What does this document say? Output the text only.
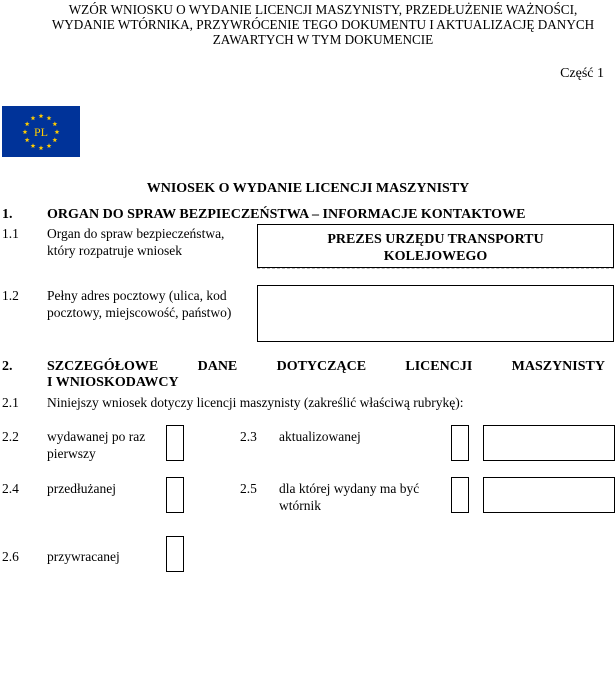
WZÓR WNIOSKU O WYDANIE LICENCJI MASZYNISTY, PRZEDŁUŻENIE WAŻNOŚCI,
WYDANIE WTÓRNIKA, PRZYWRÓCENIE TEGO DOKUMENTU I AKTUALIZACJĘ DANYCH
ZAWARTYCH W TYM DOKUMENCIE
Część 1
PL
WNIOSEK O WYDANIE LICENCJI MASZYNISTY
1. ORGAN DO SPRAW BEZPIECZEŃSTWA – INFORMACJE KONTAKTOWE
1.1 Organ do spraw bezpieczeństwa,
który rozpatruje wniosek
PREZES URZĘDU TRANSPORTU
KOLEJOWEGO
1.2 Pełny adres pocztowy (ulica, kod
pocztowy, miejscowość, państwo)
2. SZCZEGÓŁOWE	DANE	DOTYCZĄCE	LICENCJI	MASZYNISTY
I WNIOSKODAWCY
2.1 Niniejszy wniosek dotyczy licencji maszynisty (zakreślić właściwą rubrykę):
2.2 wydawanej po raz
pierwszy
2.3 aktualizowanej
2.4 przedłużanej	2.5 dla której wydany ma być
wtórnik
2.6 przywracanej
